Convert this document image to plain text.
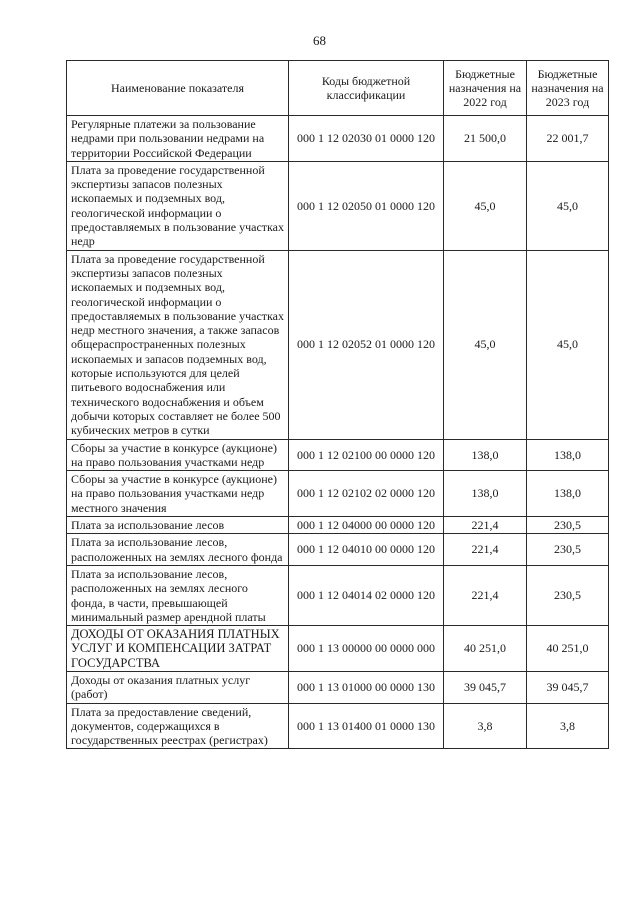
68
Наименование показателя	Коды бюджетной классификации	Бюджетные назначения на 2022 год	Бюджетные назначения на 2023 год
Регулярные платежи за пользование недрами при пользовании недрами на территории Российской Федерации	000 1 12 02030 01 0000 120	21 500,0	22 001,7
Плата за проведение государственной экспертизы запасов полезных ископаемых и подземных вод, геологической информации о предоставляемых в пользование участках недр	000 1 12 02050 01 0000 120	45,0	45,0
Плата за проведение государственной экспертизы запасов полезных ископаемых и подземных вод, геологической информации о предоставляемых в пользование участках недр местного значения, а также запасов общераспространенных полезных ископаемых и запасов подземных вод, которые используются для целей питьевого водоснабжения или технического водоснабжения и объем добычи которых составляет не более 500 кубических метров в сутки	000 1 12 02052 01 0000 120	45,0	45,0
Сборы за участие в конкурсе (аукционе) на право пользования участками недр	000 1 12 02100 00 0000 120	138,0	138,0
Сборы за участие в конкурсе (аукционе) на право пользования участками недр местного значения	000 1 12 02102 02 0000 120	138,0	138,0
Плата за использование лесов	000 1 12 04000 00 0000 120	221,4	230,5
Плата за использование лесов, расположенных на землях лесного фонда	000 1 12 04010 00 0000 120	221,4	230,5
Плата за использование лесов, расположенных на землях лесного фонда, в части, превышающей минимальный размер арендной платы	000 1 12 04014 02 0000 120	221,4	230,5
ДОХОДЫ ОТ ОКАЗАНИЯ ПЛАТНЫХ УСЛУГ И КОМПЕНСАЦИИ ЗАТРАТ ГОСУДАРСТВА	000 1 13 00000 00 0000 000	40 251,0	40 251,0
Доходы от оказания платных услуг (работ)	000 1 13 01000 00 0000 130	39 045,7	39 045,7
Плата за предоставление сведений, документов, содержащихся в государственных реестрах (регистрах)	000 1 13 01400 01 0000 130	3,8	3,8
